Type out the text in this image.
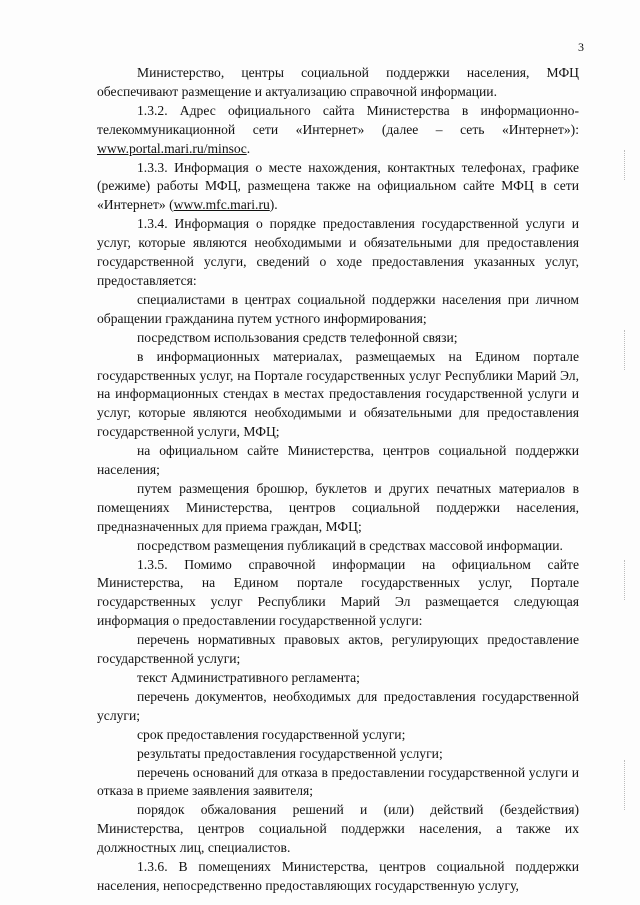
3

Министерство, центры социальной поддержки населения, МФЦ обеспечивают размещение и актуализацию справочной информации.

1.3.2. Адрес официального сайта Министерства в информационно-телекоммуникационной сети «Интернет» (далее – сеть «Интернет»): www.portal.mari.ru/minsoc.

1.3.3. Информация о месте нахождения, контактных телефонах, графике (режиме) работы МФЦ, размещена также на официальном сайте МФЦ в сети «Интернет» (www.mfc.mari.ru).

1.3.4. Информация о порядке предоставления государственной услуги и услуг, которые являются необходимыми и обязательными для предоставления государственной услуги, сведений о ходе предоставления указанных услуг, предоставляется:

специалистами в центрах социальной поддержки населения при личном обращении гражданина путем устного информирования;

посредством использования средств телефонной связи;

в информационных материалах, размещаемых на Едином портале государственных услуг, на Портале государственных услуг Республики Марий Эл, на информационных стендах в местах предоставления государственной услуги и услуг, которые являются необходимыми и обязательными для предоставления государственной услуги, МФЦ;

на официальном сайте Министерства, центров социальной поддержки населения;

путем размещения брошюр, буклетов и других печатных материалов в помещениях Министерства, центров социальной поддержки населения, предназначенных для приема граждан, МФЦ;

посредством размещения публикаций в средствах массовой информации.

1.3.5. Помимо справочной информации на официальном сайте Министерства, на Едином портале государственных услуг, Портале государственных услуг Республики Марий Эл размещается следующая информация о предоставлении государственной услуги:

перечень нормативных правовых актов, регулирующих предоставление государственной услуги;

текст Административного регламента;

перечень документов, необходимых для предоставления государственной услуги;

срок предоставления государственной услуги;

результаты предоставления государственной услуги;

перечень оснований для отказа в предоставлении государственной услуги и отказа в приеме заявления заявителя;

порядок обжалования решений и (или) действий (бездействия) Министерства, центров социальной поддержки населения, а также их должностных лиц, специалистов.

1.3.6. В помещениях Министерства, центров социальной поддержки населения, непосредственно предоставляющих государственную услугу,
